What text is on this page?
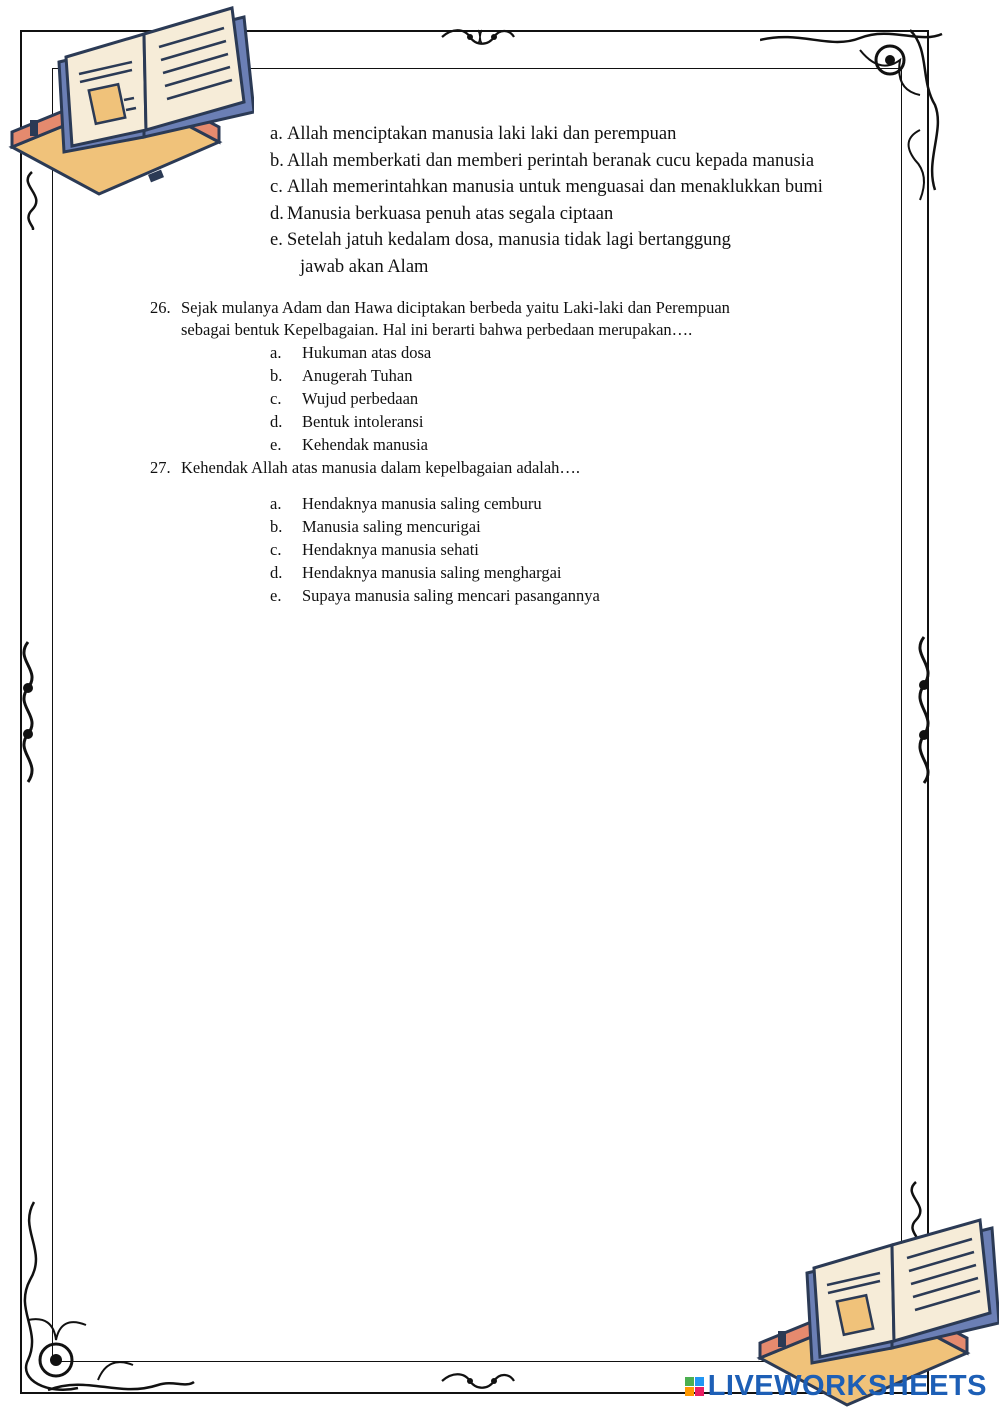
a. Allah menciptakan manusia laki laki dan perempuan
b. Allah memberkati dan memberi perintah beranak cucu kepada manusia
c. Allah memerintahkan manusia untuk menguasai dan menaklukkan bumi
d. Manusia berkuasa penuh atas segala ciptaan
e. Setelah jatuh kedalam dosa, manusia tidak lagi bertanggung
jawab akan Alam
26. Sejak mulanya Adam dan Hawa diciptakan berbeda yaitu Laki-laki dan Perempuan
sebagai bentuk Kepelbagaian. Hal ini berarti bahwa perbedaan merupakan….
a.	Hukuman atas dosa
b.	Anugerah Tuhan
c.	Wujud perbedaan
d.	Bentuk intoleransi
e.	Kehendak manusia
27. Kehendak Allah atas manusia dalam kepelbagaian adalah….
a.	Hendaknya manusia saling cemburu
b.	Manusia saling mencurigai
c.	Hendaknya manusia sehati
d.	Hendaknya manusia saling menghargai
e.	Supaya manusia saling mencari pasangannya
LIVEWORKSHEETS
